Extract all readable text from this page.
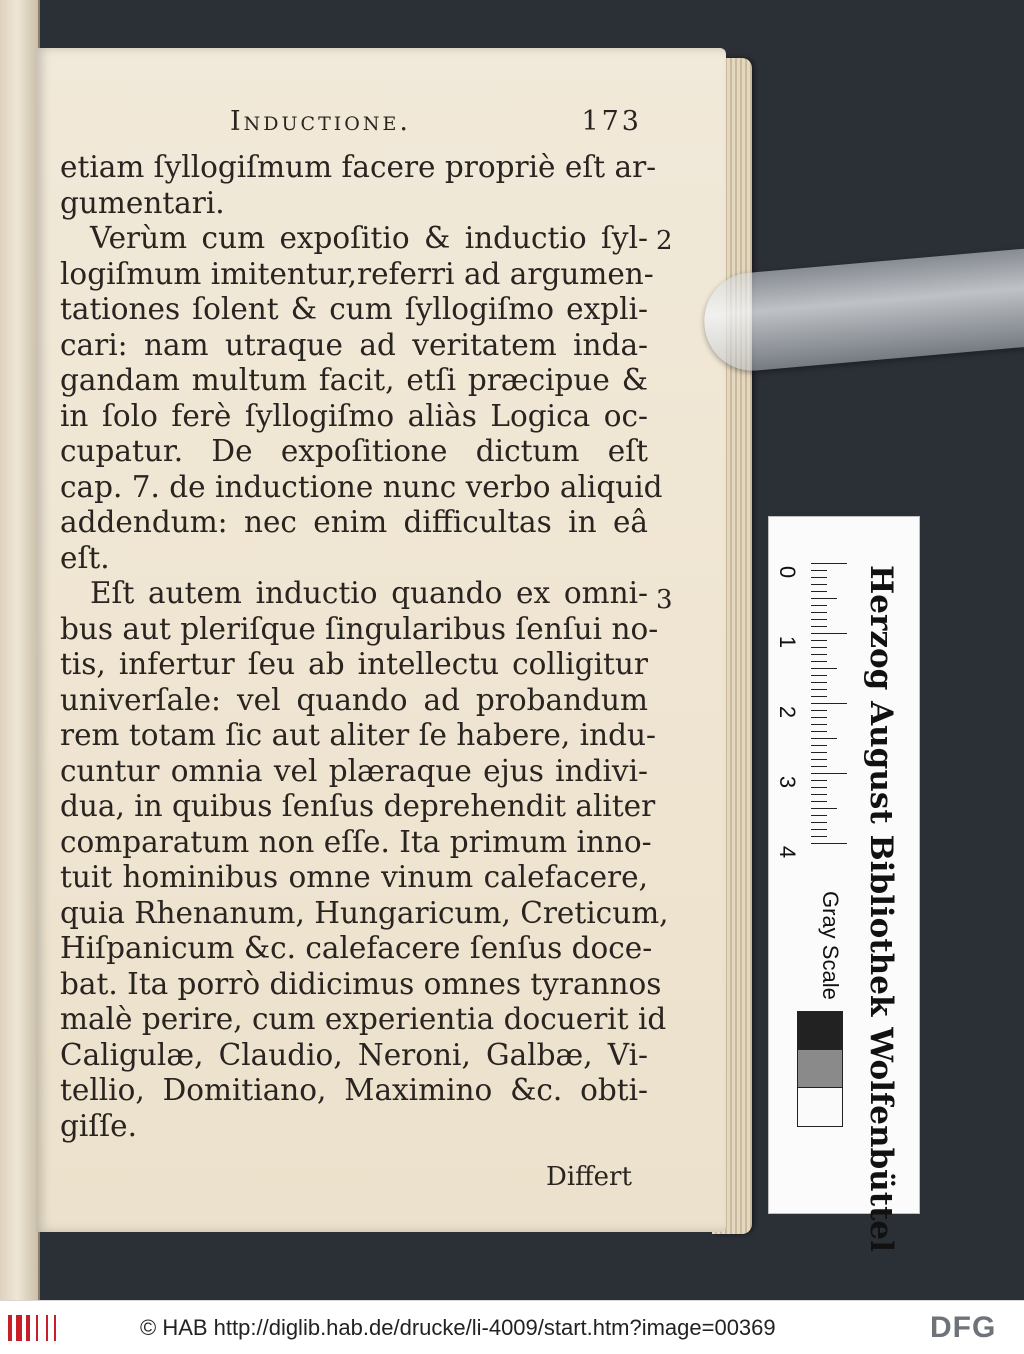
Inductione.	173
etiam ſyllogiſmum facere propriè eſt ar-
gumentari.
Verùm cum expoſitio & inductio ſyl-
logiſmum imitentur,referri ad argumen-
tationes ſolent & cum ſyllogiſmo expli-
cari: nam utraque ad veritatem inda-
gandam multum facit, etſi præcipue &
in ſolo ferè ſyllogiſmo aliàs Logica oc-
cupatur. De expoſitione dictum eſt
cap. 7. de inductione nunc verbo aliquid
addendum: nec enim difficultas in eâ
eſt.
Eſt autem inductio quando ex omni-
bus aut pleriſque ſingularibus ſenſui no-
tis, infertur ſeu ab intellectu colligitur
univerſale: vel quando ad probandum
rem totam ſic aut aliter ſe habere, indu-
cuntur omnia vel plæraque ejus indivi-
dua, in quibus ſenſus deprehendit aliter
comparatum non eſſe. Ita primum inno-
tuit hominibus omne vinum calefacere,
quia Rhenanum, Hungaricum, Creticum,
Hiſpanicum &c. calefacere ſenſus doce-
bat. Ita porrò didicimus omnes tyrannos
malè perire, cum experientia docuerit id
Caligulæ, Claudio, Neroni, Galbæ, Vi-
tellio, Domitiano, Maximino &c. obti-
giſſe.
2
3
Differt	Herzog August Bibliothek Wolfenbüttel
0
1
2
3
4
Gray Scale
© HAB http://diglib.hab.de/drucke/li-4009/start.htm?image=00369	DFG
